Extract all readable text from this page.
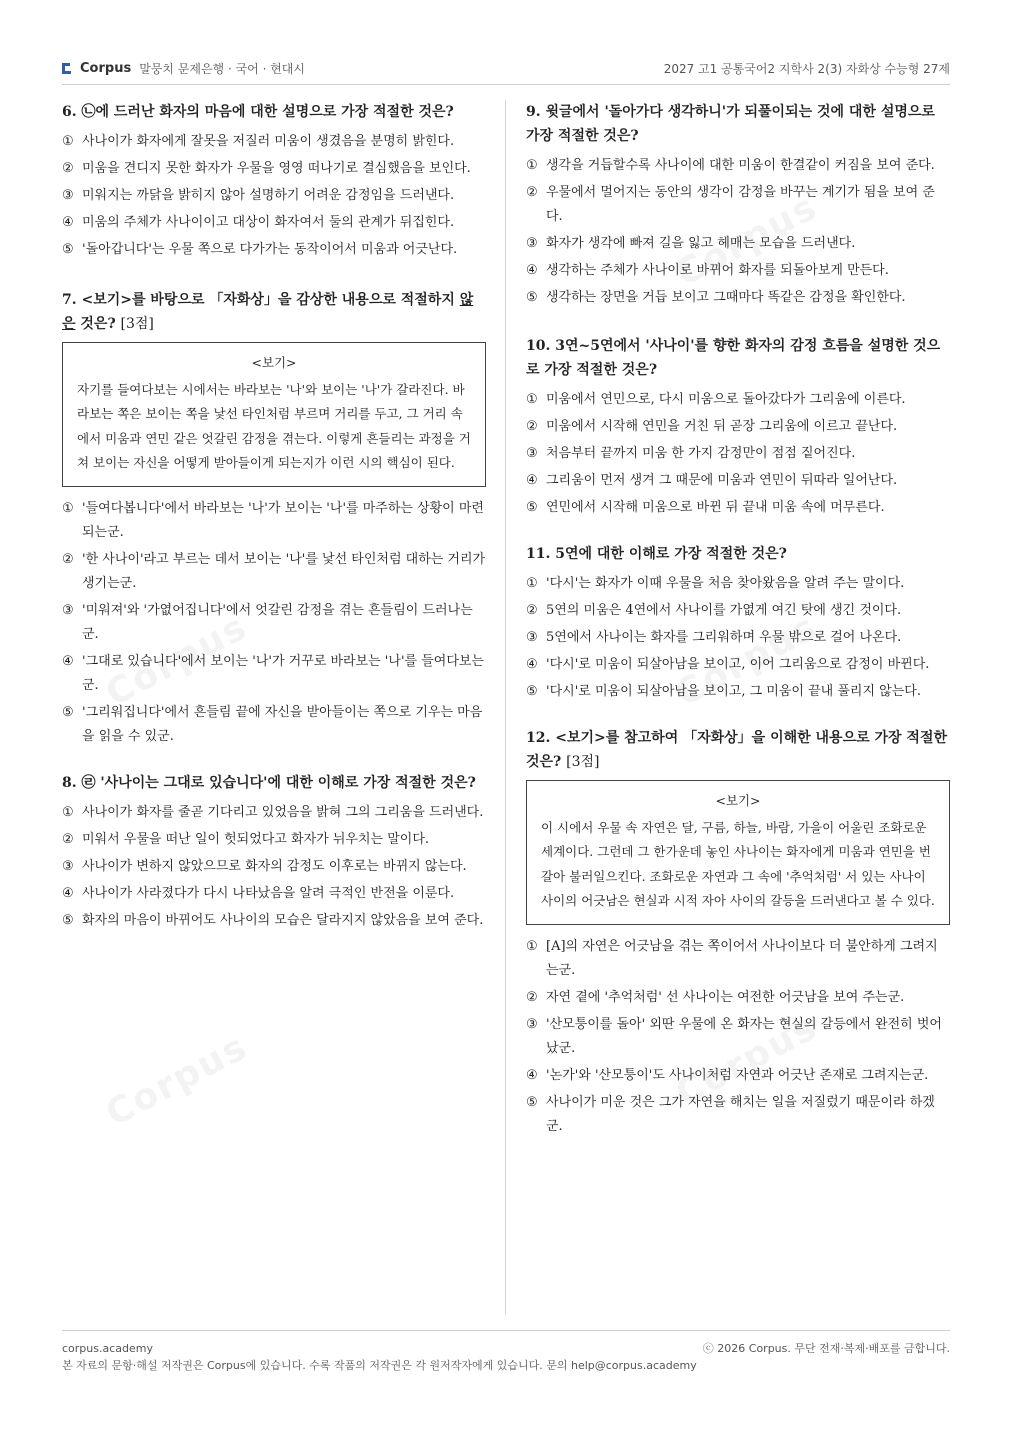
Corpus 말뭉치 문제은행 · 국어 · 현대시	2027 고1 공통국어2 지학사 2(3) 자화상 수능형 27제
6. ㉡에 드러난 화자의 마음에 대한 설명으로 가장 적절한 것은?
① 사나이가 화자에게 잘못을 저질러 미움이 생겼음을 분명히 밝힌다.
② 미움을 견디지 못한 화자가 우물을 영영 떠나기로 결심했음을 보인다.
③ 미워지는 까닭을 밝히지 않아 설명하기 어려운 감정임을 드러낸다.
④ 미움의 주체가 사나이이고 대상이 화자여서 둘의 관계가 뒤집힌다.
⑤ '돌아갑니다'는 우물 쪽으로 다가가는 동작이어서 미움과 어긋난다.
7. <보기>를 바탕으로 「자화상」을 감상한 내용으로 적절하지 않은 것은? [3점]
<보기>
자기를 들여다보는 시에서는 바라보는 '나'와 보이는 '나'가 갈라진다. 바라보는 쪽은 보이는 쪽을 낯선 타인처럼 부르며 거리를 두고, 그 거리 속에서 미움과 연민 같은 엇갈린 감정을 겪는다. 이렇게 흔들리는 과정을 거쳐 보이는 자신을 어떻게 받아들이게 되는지가 이런 시의 핵심이 된다.
① '들여다봅니다'에서 바라보는 '나'가 보이는 '나'를 마주하는 상황이 마련되는군.
② '한 사나이'라고 부르는 데서 보이는 '나'를 낯선 타인처럼 대하는 거리가 생기는군.
③ '미워져'와 '가엾어집니다'에서 엇갈린 감정을 겪는 흔들림이 드러나는군.
④ '그대로 있습니다'에서 보이는 '나'가 거꾸로 바라보는 '나'를 들여다보는군.
⑤ '그리워집니다'에서 흔들림 끝에 자신을 받아들이는 쪽으로 기우는 마음을 읽을 수 있군.
8. ㉣ '사나이는 그대로 있습니다'에 대한 이해로 가장 적절한 것은?
① 사나이가 화자를 줄곧 기다리고 있었음을 밝혀 그의 그리움을 드러낸다.
② 미워서 우물을 떠난 일이 헛되었다고 화자가 뉘우치는 말이다.
③ 사나이가 변하지 않았으므로 화자의 감정도 이후로는 바뀌지 않는다.
④ 사나이가 사라졌다가 다시 나타났음을 알려 극적인 반전을 이룬다.
⑤ 화자의 마음이 바뀌어도 사나이의 모습은 달라지지 않았음을 보여 준다.
9. 윗글에서 '돌아가다 생각하니'가 되풀이되는 것에 대한 설명으로 가장 적절한 것은?
① 생각을 거듭할수록 사나이에 대한 미움이 한결같이 커짐을 보여 준다.
② 우물에서 멀어지는 동안의 생각이 감정을 바꾸는 계기가 됨을 보여 준다.
③ 화자가 생각에 빠져 길을 잃고 헤매는 모습을 드러낸다.
④ 생각하는 주체가 사나이로 바뀌어 화자를 되돌아보게 만든다.
⑤ 생각하는 장면을 거듭 보이고 그때마다 똑같은 감정을 확인한다.
10. 3연~5연에서 '사나이'를 향한 화자의 감정 흐름을 설명한 것으로 가장 적절한 것은?
① 미움에서 연민으로, 다시 미움으로 돌아갔다가 그리움에 이른다.
② 미움에서 시작해 연민을 거친 뒤 곧장 그리움에 이르고 끝난다.
③ 처음부터 끝까지 미움 한 가지 감정만이 점점 짙어진다.
④ 그리움이 먼저 생겨 그 때문에 미움과 연민이 뒤따라 일어난다.
⑤ 연민에서 시작해 미움으로 바뀐 뒤 끝내 미움 속에 머무른다.
11. 5연에 대한 이해로 가장 적절한 것은?
① '다시'는 화자가 이때 우물을 처음 찾아왔음을 알려 주는 말이다.
② 5연의 미움은 4연에서 사나이를 가엾게 여긴 탓에 생긴 것이다.
③ 5연에서 사나이는 화자를 그리워하며 우물 밖으로 걸어 나온다.
④ '다시'로 미움이 되살아남을 보이고, 이어 그리움으로 감정이 바뀐다.
⑤ '다시'로 미움이 되살아남을 보이고, 그 미움이 끝내 풀리지 않는다.
12. <보기>를 참고하여 「자화상」을 이해한 내용으로 가장 적절한 것은? [3점]
<보기>
이 시에서 우물 속 자연은 달, 구름, 하늘, 바람, 가을이 어울린 조화로운 세계이다. 그런데 그 한가운데 놓인 사나이는 화자에게 미움과 연민을 번갈아 불러일으킨다. 조화로운 자연과 그 속에 '추억처럼' 서 있는 사나이 사이의 어긋남은 현실과 시적 자아 사이의 갈등을 드러낸다고 볼 수 있다.
① [A]의 자연은 어긋남을 겪는 쪽이어서 사나이보다 더 불안하게 그려지는군.
② 자연 곁에 '추억처럼' 선 사나이는 여전한 어긋남을 보여 주는군.
③ '산모퉁이를 돌아' 외딴 우물에 온 화자는 현실의 갈등에서 완전히 벗어났군.
④ '논가'와 '산모퉁이'도 사나이처럼 자연과 어긋난 존재로 그려지는군.
⑤ 사나이가 미운 것은 그가 자연을 해치는 일을 저질렀기 때문이라 하겠군.
corpus.academy	ⓒ 2026 Corpus. 무단 전재·복제·배포를 금합니다.
본 자료의 문항·해설 저작권은 Corpus에 있습니다. 수록 작품의 저작권은 각 원저작자에게 있습니다. 문의 help@corpus.academy
